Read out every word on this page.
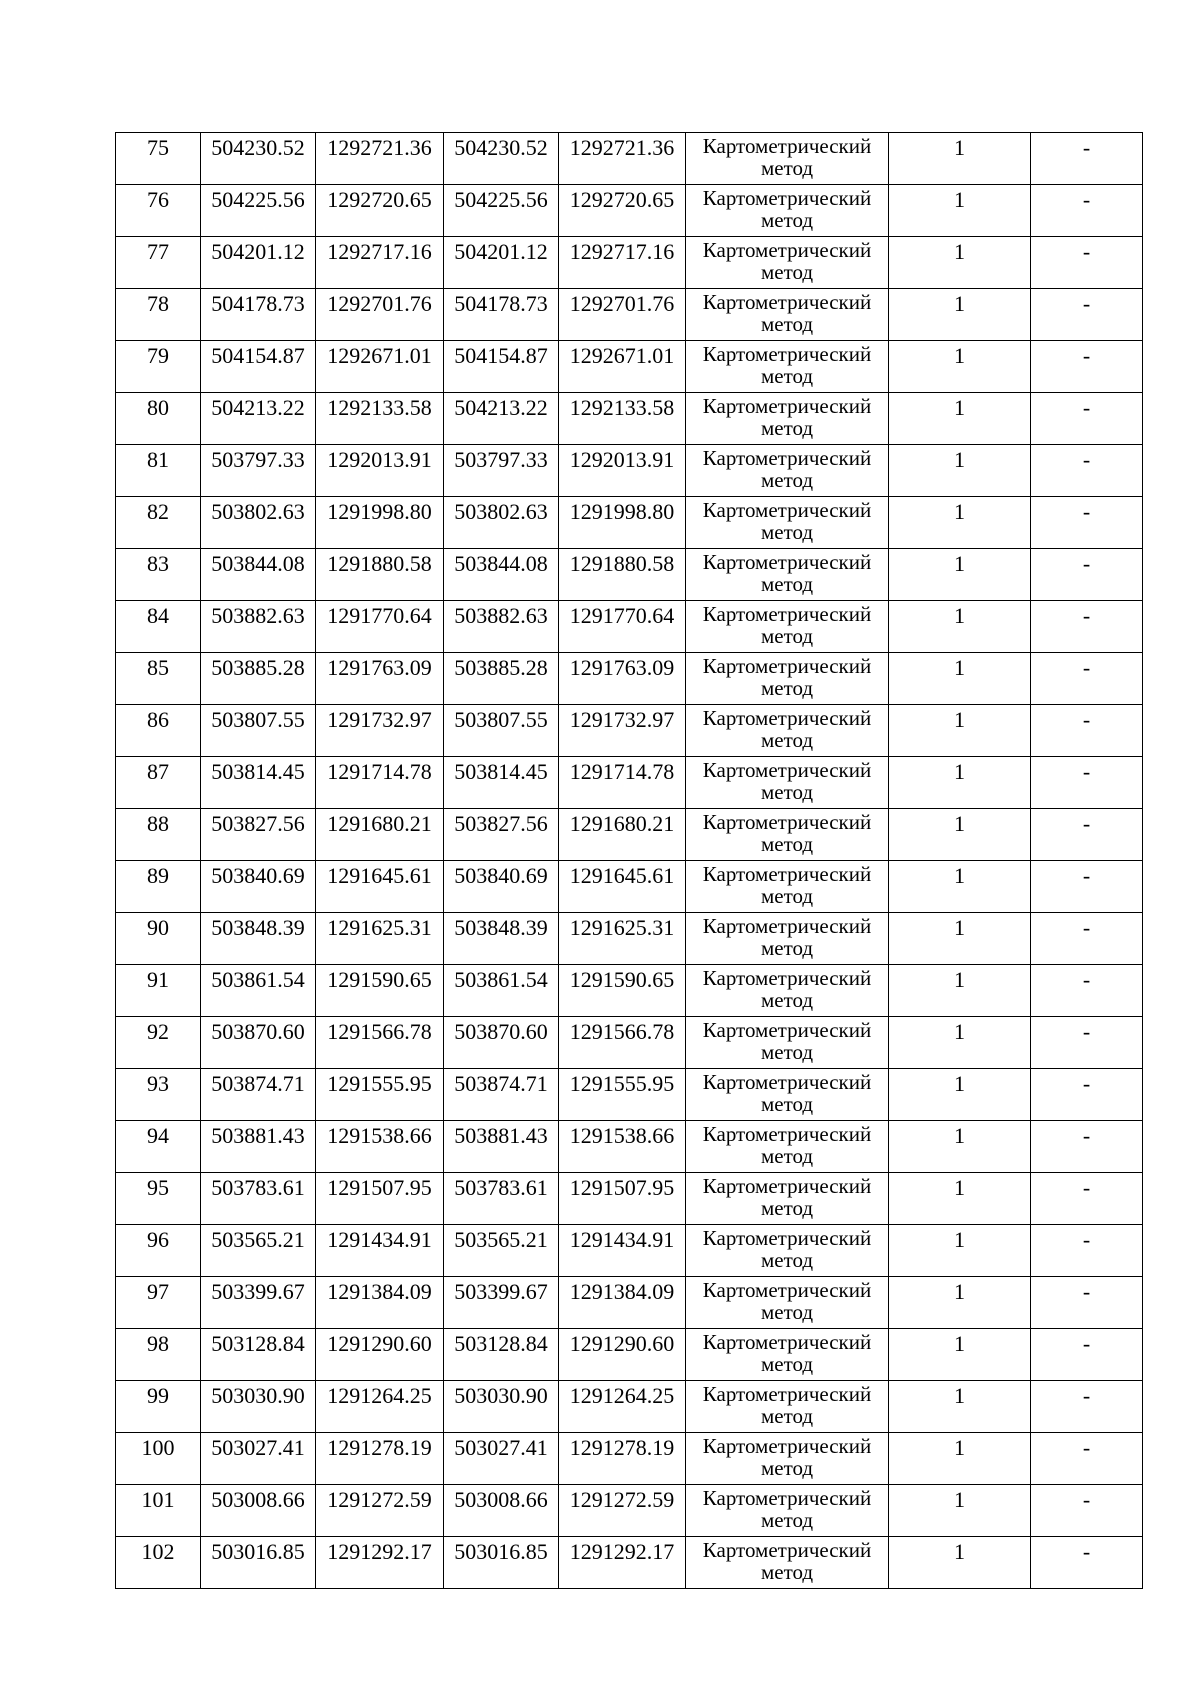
75	504230.52	1292721.36	504230.52	1292721.36	Картометрический
метод	1	-
76	504225.56	1292720.65	504225.56	1292720.65	Картометрический
метод	1	-
77	504201.12	1292717.16	504201.12	1292717.16	Картометрический
метод	1	-
78	504178.73	1292701.76	504178.73	1292701.76	Картометрический
метод	1	-
79	504154.87	1292671.01	504154.87	1292671.01	Картометрический
метод	1	-
80	504213.22	1292133.58	504213.22	1292133.58	Картометрический
метод	1	-
81	503797.33	1292013.91	503797.33	1292013.91	Картометрический
метод	1	-
82	503802.63	1291998.80	503802.63	1291998.80	Картометрический
метод	1	-
83	503844.08	1291880.58	503844.08	1291880.58	Картометрический
метод	1	-
84	503882.63	1291770.64	503882.63	1291770.64	Картометрический
метод	1	-
85	503885.28	1291763.09	503885.28	1291763.09	Картометрический
метод	1	-
86	503807.55	1291732.97	503807.55	1291732.97	Картометрический
метод	1	-
87	503814.45	1291714.78	503814.45	1291714.78	Картометрический
метод	1	-
88	503827.56	1291680.21	503827.56	1291680.21	Картометрический
метод	1	-
89	503840.69	1291645.61	503840.69	1291645.61	Картометрический
метод	1	-
90	503848.39	1291625.31	503848.39	1291625.31	Картометрический
метод	1	-
91	503861.54	1291590.65	503861.54	1291590.65	Картометрический
метод	1	-
92	503870.60	1291566.78	503870.60	1291566.78	Картометрический
метод	1	-
93	503874.71	1291555.95	503874.71	1291555.95	Картометрический
метод	1	-
94	503881.43	1291538.66	503881.43	1291538.66	Картометрический
метод	1	-
95	503783.61	1291507.95	503783.61	1291507.95	Картометрический
метод	1	-
96	503565.21	1291434.91	503565.21	1291434.91	Картометрический
метод	1	-
97	503399.67	1291384.09	503399.67	1291384.09	Картометрический
метод	1	-
98	503128.84	1291290.60	503128.84	1291290.60	Картометрический
метод	1	-
99	503030.90	1291264.25	503030.90	1291264.25	Картометрический
метод	1	-
100	503027.41	1291278.19	503027.41	1291278.19	Картометрический
метод	1	-
101	503008.66	1291272.59	503008.66	1291272.59	Картометрический
метод	1	-
102	503016.85	1291292.17	503016.85	1291292.17	Картометрический
метод	1	-
